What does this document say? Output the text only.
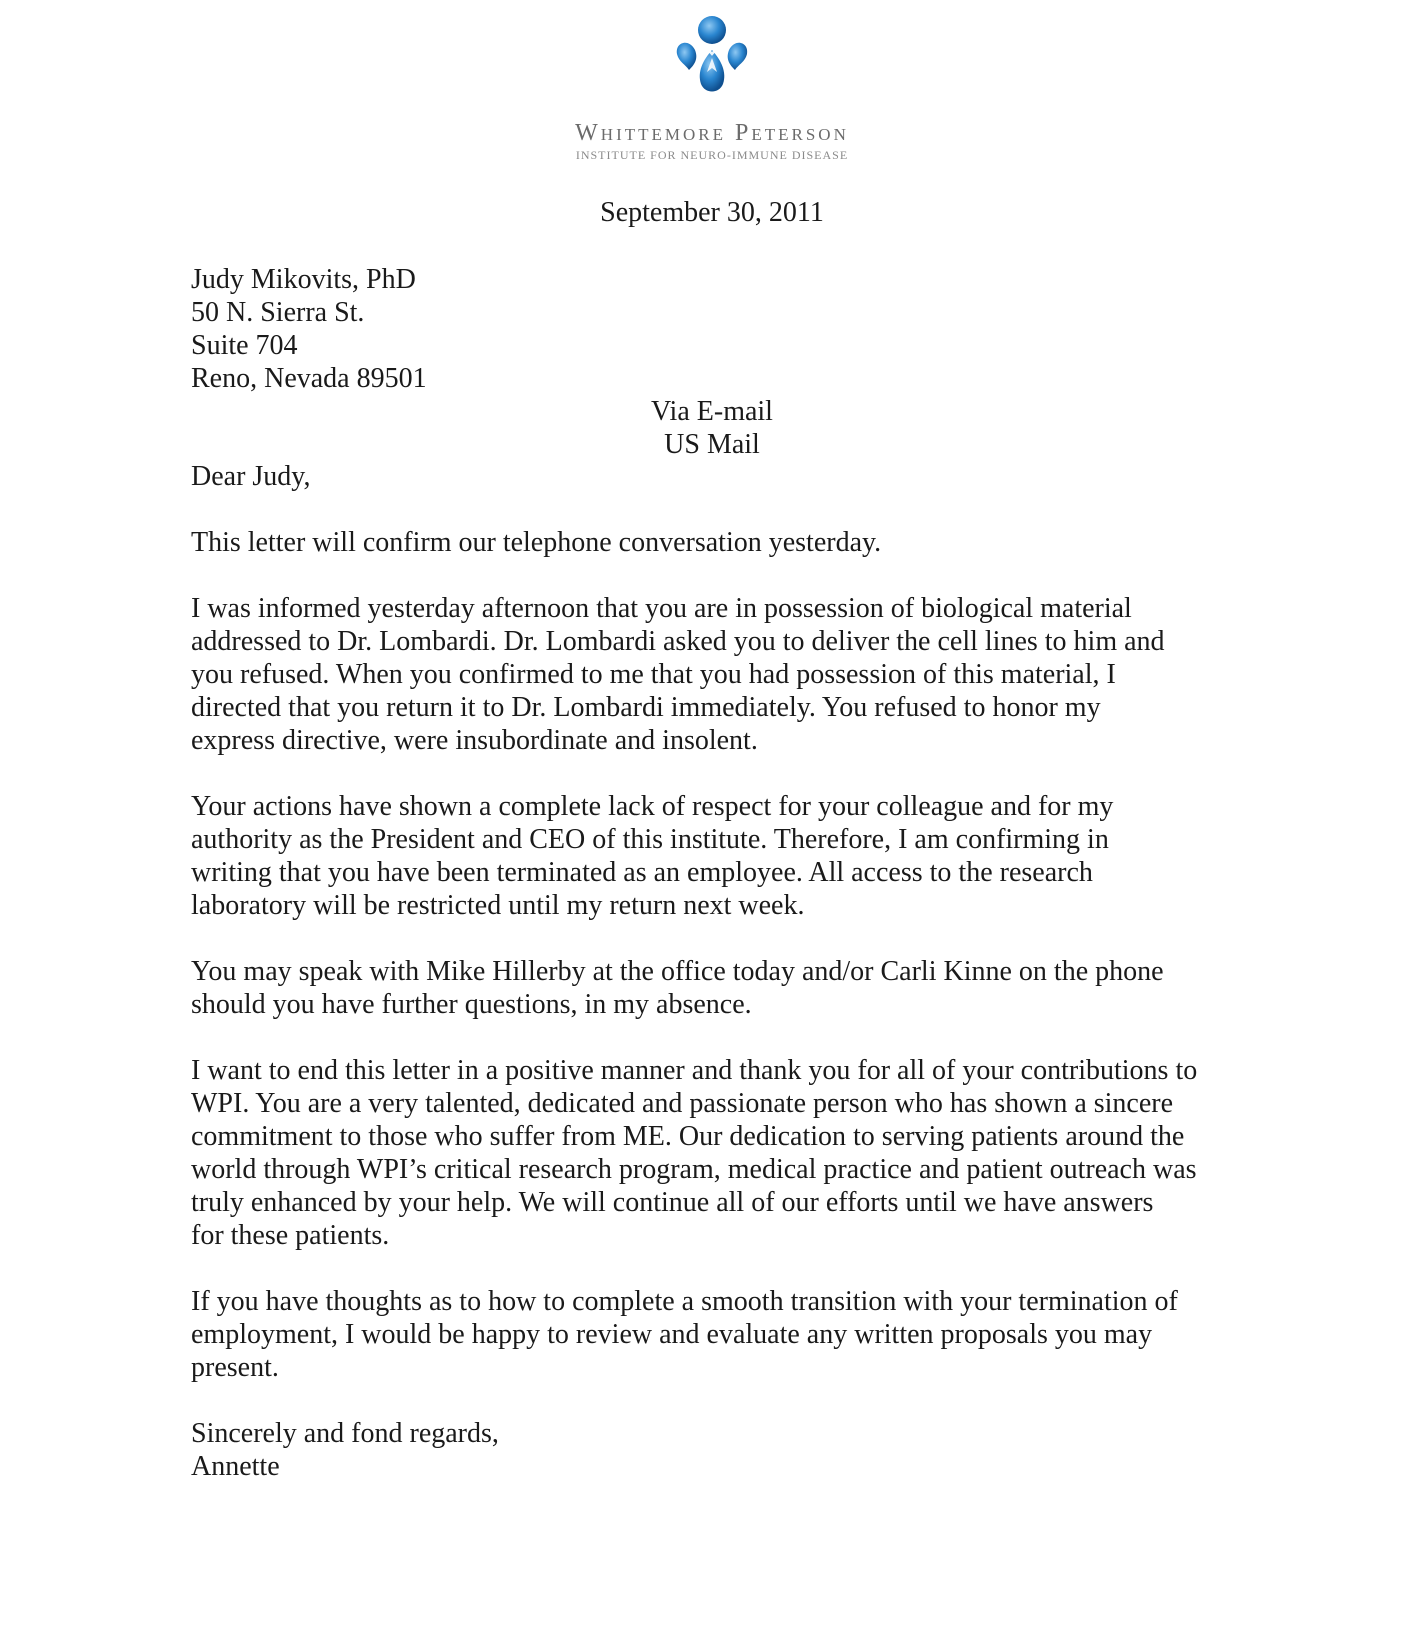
Whittemore Peterson
INSTITUTE FOR NEURO-IMMUNE DISEASE
September 30, 2011
Judy Mikovits, PhD
50 N. Sierra St.
Suite 704
Reno, Nevada 89501
Via E-mail
US Mail
Dear Judy,
This letter will confirm our telephone conversation yesterday.
I was informed yesterday afternoon that you are in possession of biological material
addressed to Dr. Lombardi. Dr. Lombardi asked you to deliver the cell lines to him and
you refused. When you confirmed to me that you had possession of this material, I
directed that you return it to Dr. Lombardi immediately. You refused to honor my
express directive, were insubordinate and insolent.
Your actions have shown a complete lack of respect for your colleague and for my
authority as the President and CEO of this institute. Therefore, I am confirming in
writing that you have been terminated as an employee. All access to the research
laboratory will be restricted until my return next week.
You may speak with Mike Hillerby at the office today and/or Carli Kinne on the phone
should you have further questions, in my absence.
I want to end this letter in a positive manner and thank you for all of your contributions to
WPI. You are a very talented, dedicated and passionate person who has shown a sincere
commitment to those who suffer from ME. Our dedication to serving patients around the
world through WPI’s critical research program, medical practice and patient outreach was
truly enhanced by your help. We will continue all of our efforts until we have answers
for these patients.
If you have thoughts as to how to complete a smooth transition with your termination of
employment, I would be happy to review and evaluate any written proposals you may
present.
Sincerely and fond regards,
Annette
